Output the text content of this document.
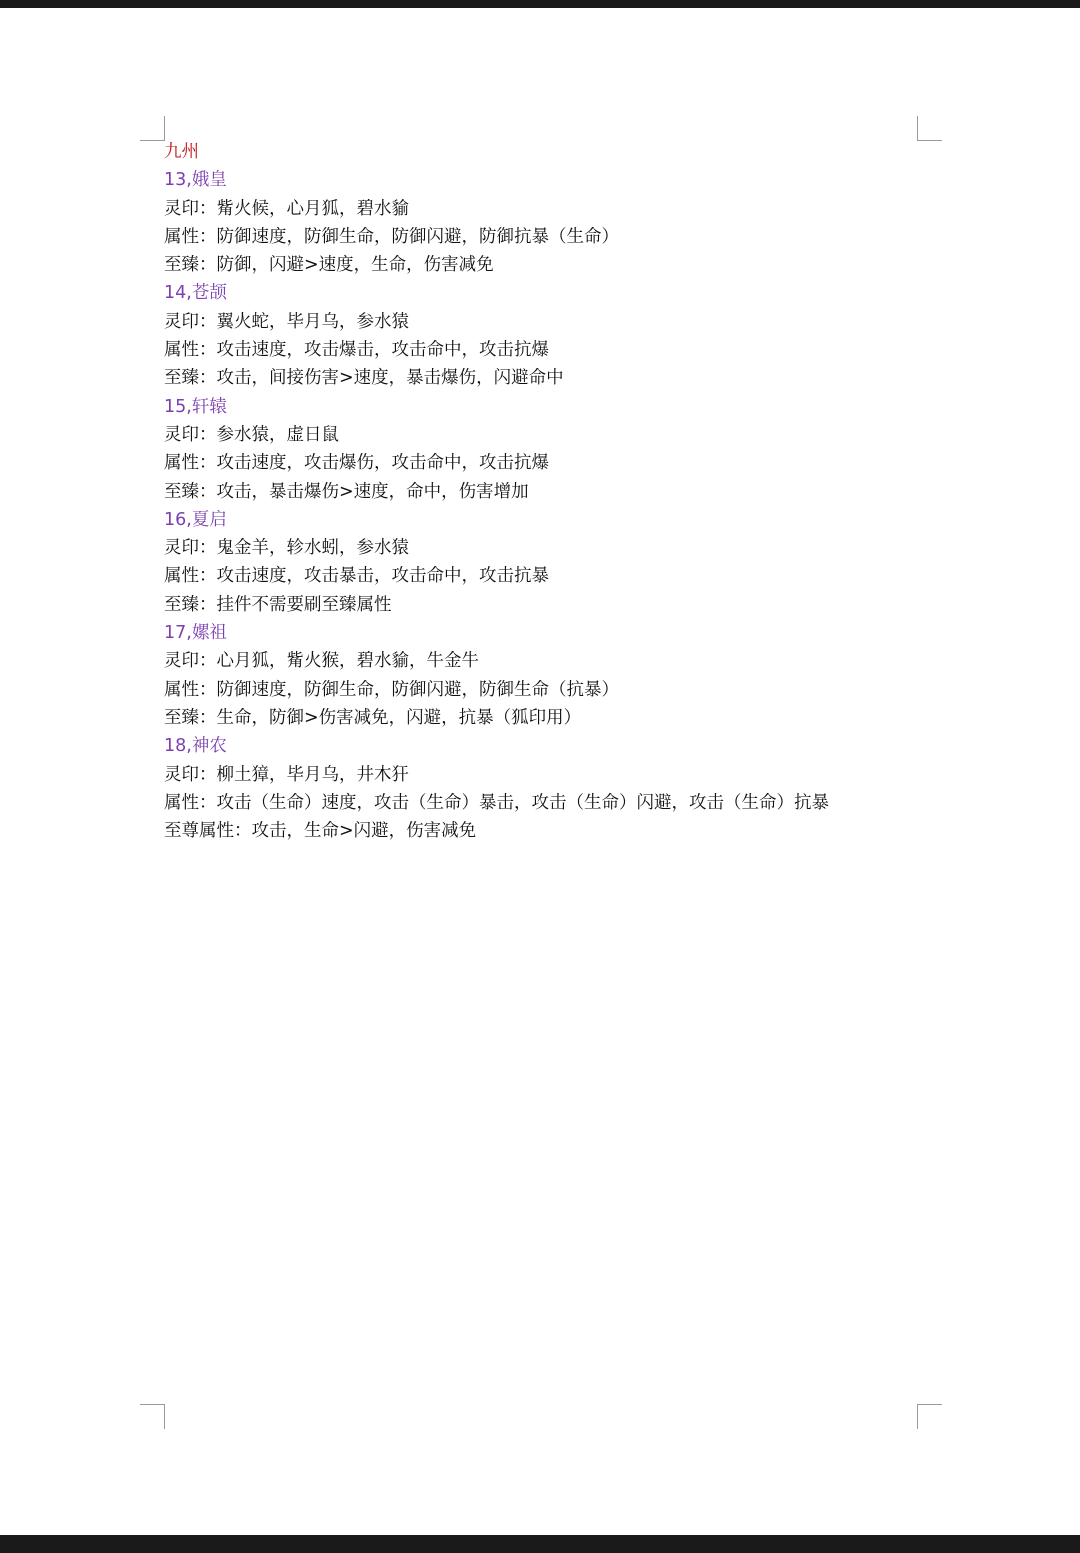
九州
13,娥皇
灵印：觜火候，心月狐，碧水貐
属性：防御速度，防御生命，防御闪避，防御抗暴（生命）
至臻：防御，闪避>速度，生命，伤害减免
14,苍颉
灵印：翼火蛇，毕月乌，参水猿
属性：攻击速度，攻击爆击，攻击命中，攻击抗爆
至臻：攻击，间接伤害>速度，暴击爆伤，闪避命中
15,轩辕
灵印：参水猿，虚日鼠
属性：攻击速度，攻击爆伤，攻击命中，攻击抗爆
至臻：攻击，暴击爆伤>速度，命中，伤害增加
16,夏启
灵印：鬼金羊，轸水蚓，参水猿
属性：攻击速度，攻击暴击，攻击命中，攻击抗暴
至臻：挂件不需要刷至臻属性
17,嫘祖
灵印：心月狐，觜火猴，碧水貐，牛金牛
属性：防御速度，防御生命，防御闪避，防御生命（抗暴）
至臻：生命，防御>伤害减免，闪避，抗暴（狐印用）
18,神农
灵印：柳土獐，毕月乌，井木犴
属性：攻击（生命）速度，攻击（生命）暴击，攻击（生命）闪避，攻击（生命）抗暴
至尊属性：攻击，生命>闪避，伤害减免
